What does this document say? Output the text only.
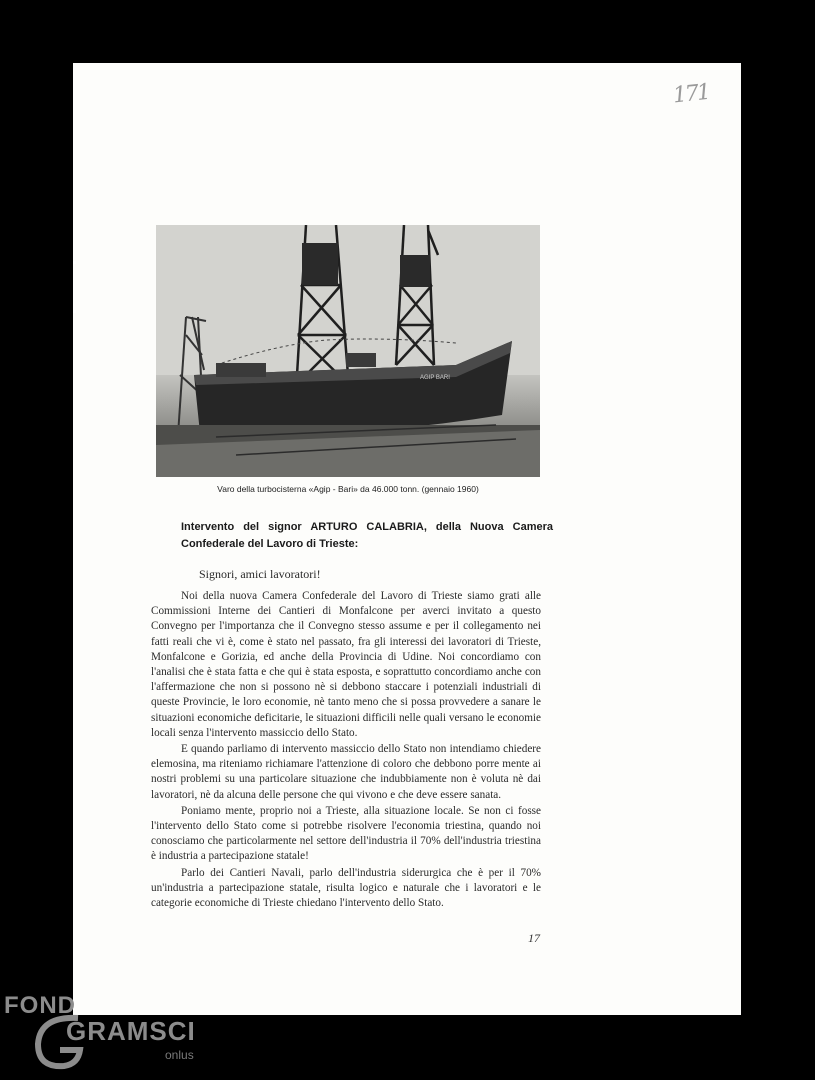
171
AGIP BARI
Varo della turbocisterna «Agip - Bari» da 46.000 tonn. (gennaio 1960)
Intervento del signor ARTURO CALABRIA, della Nuova Camera Confederale del Lavoro di Trieste:
Signori, amici lavoratori!

Noi della nuova Camera Confederale del Lavoro di Trieste siamo grati alle Commissioni Interne dei Cantieri di Monfalcone per averci invitato a questo Convegno per l'importanza che il Convegno stesso assume e per il collegamento nei fatti reali che vi è, come è stato nel passato, fra gli interessi dei lavoratori di Trieste, Monfalcone e Gorizia, ed anche della Provincia di Udine. Noi concordiamo con l'analisi che è stata fatta e che qui è stata esposta, e soprattutto concordiamo anche con l'affermazione che non si possono nè si debbono staccare i potenziali industriali di queste Provincie, le loro economie, nè tanto meno che si possa provvedere a sanare le situazioni economiche deficitarie, le situazioni difficili nelle quali versano le economie locali senza l'intervento massiccio dello Stato.

E quando parliamo di intervento massiccio dello Stato non intendiamo chiedere elemosina, ma riteniamo richiamare l'attenzione di coloro che debbono porre mente ai nostri problemi su una particolare situazione che indubbiamente non è voluta nè dai lavoratori, nè da alcuna delle persone che qui vivono e che deve essere sanata.

Poniamo mente, proprio noi a Trieste, alla situazione locale. Se non ci fosse l'intervento dello Stato come si potrebbe risolvere l'economia triestina, quando noi conosciamo che particolarmente nel settore dell'industria il 70% dell'industria triestina è industria a partecipazione statale!

Parlo dei Cantieri Navali, parlo dell'industria siderurgica che è per il 70% un'industria a partecipazione statale, risulta logico e naturale che i lavoratori e le categorie economiche di Trieste chiedano l'intervento dello Stato.

17
FOND
GRAMSCI
onlus
